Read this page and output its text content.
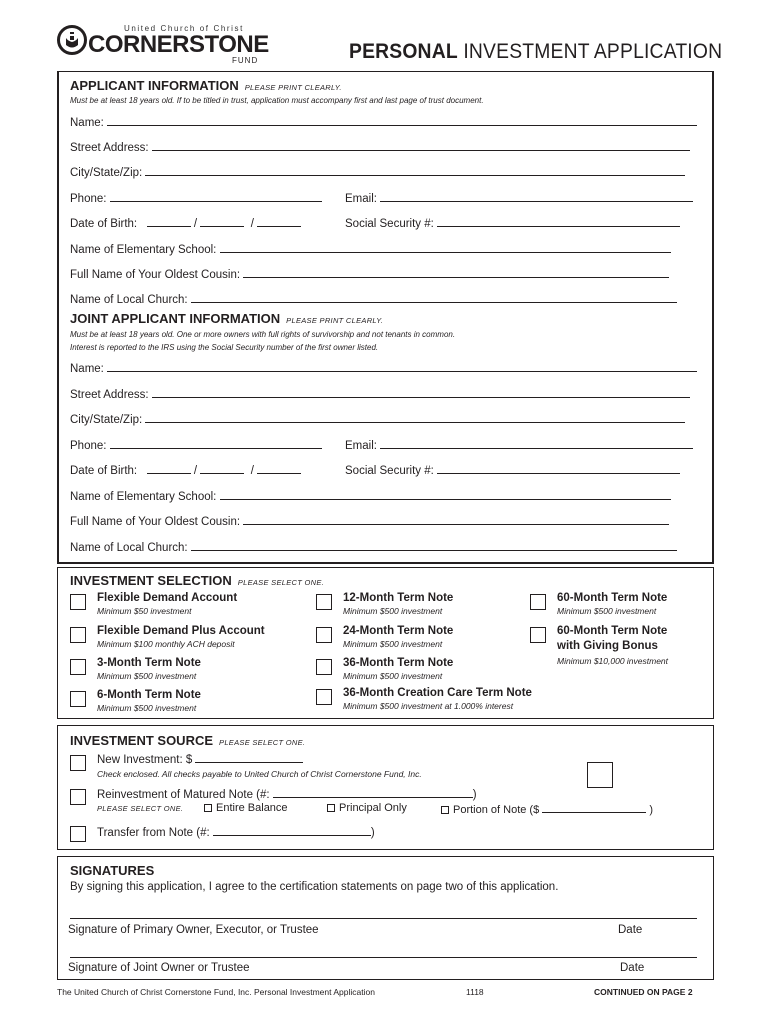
United Church of Christ
CORNERSTONE
FUND	PERSONAL INVESTMENT APPLICATION
APPLICANT INFORMATION PLEASE PRINT CLEARLY.
Must be at least 18 years old. If to be titled in trust, application must accompany first and last page of trust document.
Name:
Street Address:
City/State/Zip:
Phone:	Email:
Date of Birth:	/	/	Social Security #:
Name of Elementary School:
Full Name of Your Oldest Cousin:
Name of Local Church:
JOINT APPLICANT INFORMATION PLEASE PRINT CLEARLY.
Must be at least 18 years old. One or more owners with full rights of survivorship and not tenants in common.
Interest is reported to the IRS using the Social Security number of the first owner listed.
Name:
Street Address:
City/State/Zip:
Phone:	Email:
Date of Birth:	/	/	Social Security #:
Name of Elementary School:
Full Name of Your Oldest Cousin:
Name of Local Church:
INVESTMENT SELECTION PLEASE SELECT ONE.
Flexible Demand Account
Minimum $50 investment
Flexible Demand Plus Account
Minimum $100 monthly ACH deposit
3-Month Term Note
Minimum $500 investment
6-Month Term Note
Minimum $500 investment
12-Month Term Note
Minimum $500 investment
24-Month Term Note
Minimum $500 investment
36-Month Term Note
Minimum $500 investment
36-Month Creation Care Term Note
Minimum $500 investment at 1.000% interest
60-Month Term Note
Minimum $500 investment
60-Month Term Note
with Giving Bonus
Minimum $10,000 investment
INVESTMENT SOURCE PLEASE SELECT ONE.
New Investment: $
Check enclosed. All checks payable to United Church of Christ Cornerstone Fund, Inc.
Reinvestment of Matured Note (#:	)
PLEASE SELECT ONE.	Entire Balance	Principal Only	Portion of Note ($	)
Transfer from Note (#:	)
SIGNATURES
By signing this application, I agree to the certification statements on page two of this application.
Signature of Primary Owner, Executor, or Trustee	Date
Signature of Joint Owner or Trustee	Date
The United Church of Christ Cornerstone Fund, Inc. Personal Investment Application	1118	CONTINUED ON PAGE 2
